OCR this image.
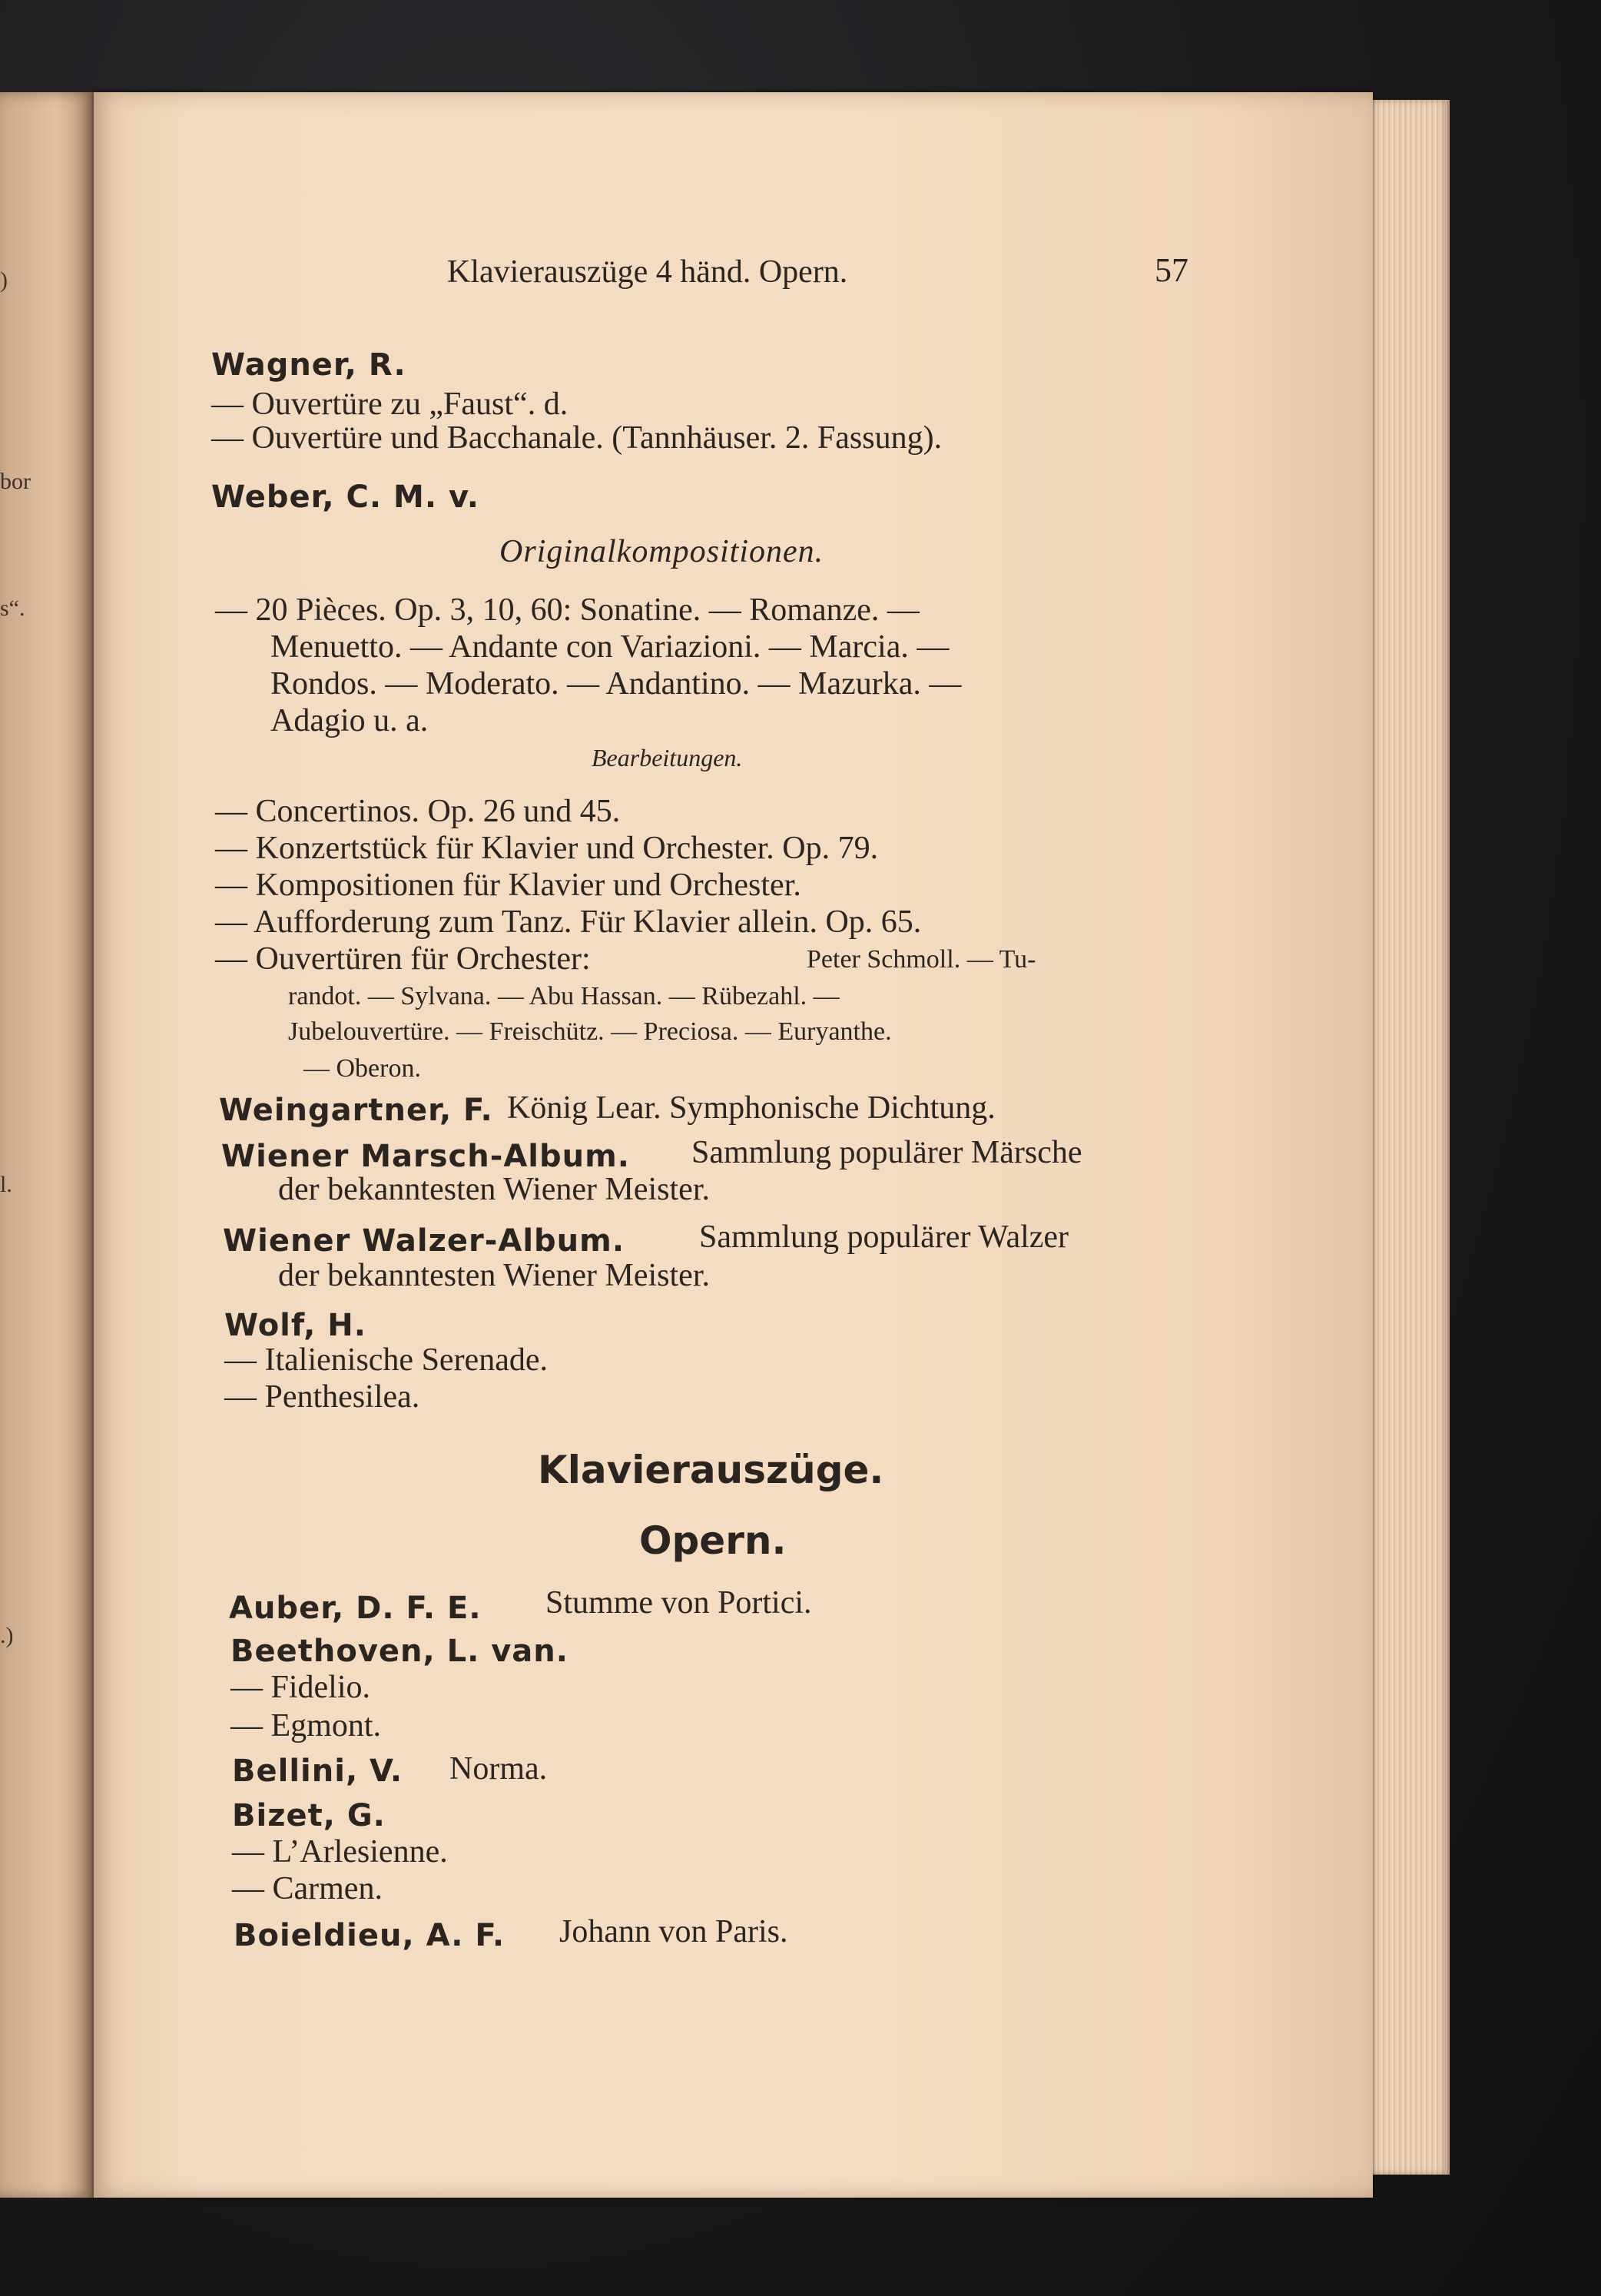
)
bor
s“.
l.
.)
Klavierauszüge 4 händ. Opern.	57
Wagner, R.
— Ouvertüre zu „Faust“. d.
— Ouvertüre und Bacchanale. (Tannhäuser. 2. Fassung).
Weber, C. M. v.
Originalkompositionen.
— 20 Pièces. Op. 3, 10, 60: Sonatine. — Romanze. —
Menuetto. — Andante con Variazioni. — Marcia. —
Rondos. — Moderato. — Andantino. — Mazurka. —
Adagio u. a.
Bearbeitungen.
— Concertinos. Op. 26 und 45.
— Konzertstück für Klavier und Orchester. Op. 79.
— Kompositionen für Klavier und Orchester.
— Aufforderung zum Tanz. Für Klavier allein. Op. 65.
— Ouvertüren für Orchester:	Peter Schmoll. — Tu-
randot. — Sylvana. — Abu Hassan. — Rübezahl. —
Jubelouvertüre. — Freischütz. — Preciosa. — Euryanthe.
— Oberon.
Weingartner, F. König Lear. Symphonische Dichtung.
Wiener Marsch-Album. Sammlung populärer Märsche
der bekanntesten Wiener Meister.
Wiener Walzer-Album. Sammlung populärer Walzer
der bekanntesten Wiener Meister.
Wolf, H.
— Italienische Serenade.
— Penthesilea.
Klavierauszüge.
Opern.
Auber, D. F. E. Stumme von Portici.
Beethoven, L. van.
— Fidelio.
— Egmont.
Bellini, V. Norma.
Bizet, G.
— L’Arlesienne.
— Carmen.
Boieldieu, A. F. Johann von Paris.
